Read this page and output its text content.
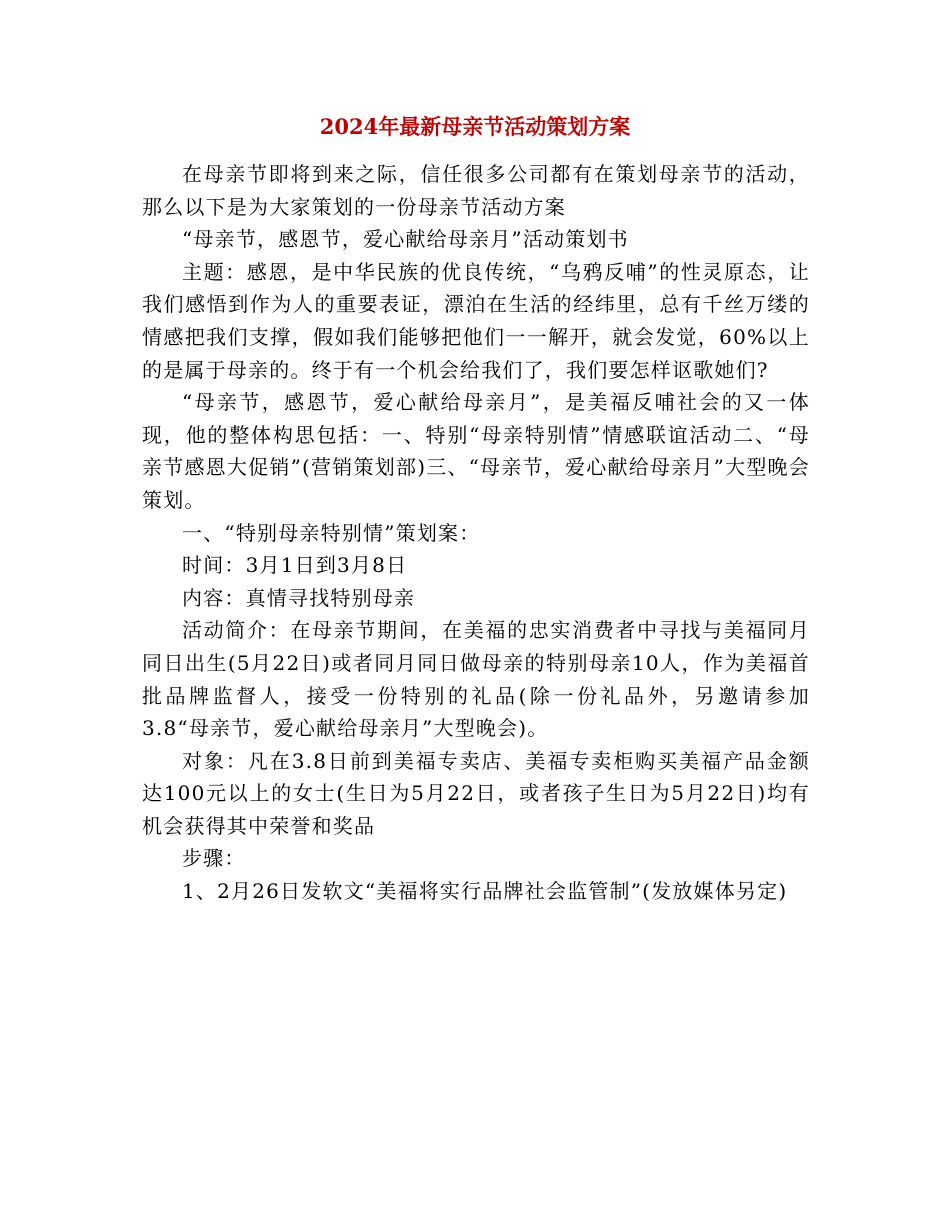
2024年最新母亲节活动策划方案

在母亲节即将到来之际，信任很多公司都有在策划母亲节的活动，那么以下是为大家策划的一份母亲节活动方案

“母亲节，感恩节，爱心献给母亲月”活动策划书

主题：感恩，是中华民族的优良传统，“乌鸦反哺”的性灵原态，让我们感悟到作为人的重要表证，漂泊在生活的经纬里，总有千丝万缕的情感把我们支撑，假如我们能够把他们一一解开，就会发觉，60%以上的是属于母亲的。终于有一个机会给我们了，我们要怎样讴歌她们?

“母亲节，感恩节，爱心献给母亲月”，是美福反哺社会的又一体现，他的整体构思包括：一、特别“母亲特别情”情感联谊活动二、“母亲节感恩大促销”(营销策划部)三、“母亲节，爱心献给母亲月”大型晚会策划。

一、“特别母亲特别情”策划案：

时间：3月1日到3月8日

内容：真情寻找特别母亲

活动简介：在母亲节期间，在美福的忠实消费者中寻找与美福同月同日出生(5月22日)或者同月同日做母亲的特别母亲10人，作为美福首批品牌监督人，接受一份特别的礼品(除一份礼品外，另邀请参加3.8“母亲节，爱心献给母亲月”大型晚会)。

对象：凡在3.8日前到美福专卖店、美福专卖柜购买美福产品金额达100元以上的女士(生日为5月22日，或者孩子生日为5月22日)均有机会获得其中荣誉和奖品

步骤：

1、2月26日发软文“美福将实行品牌社会监管制”(发放媒体另定)
